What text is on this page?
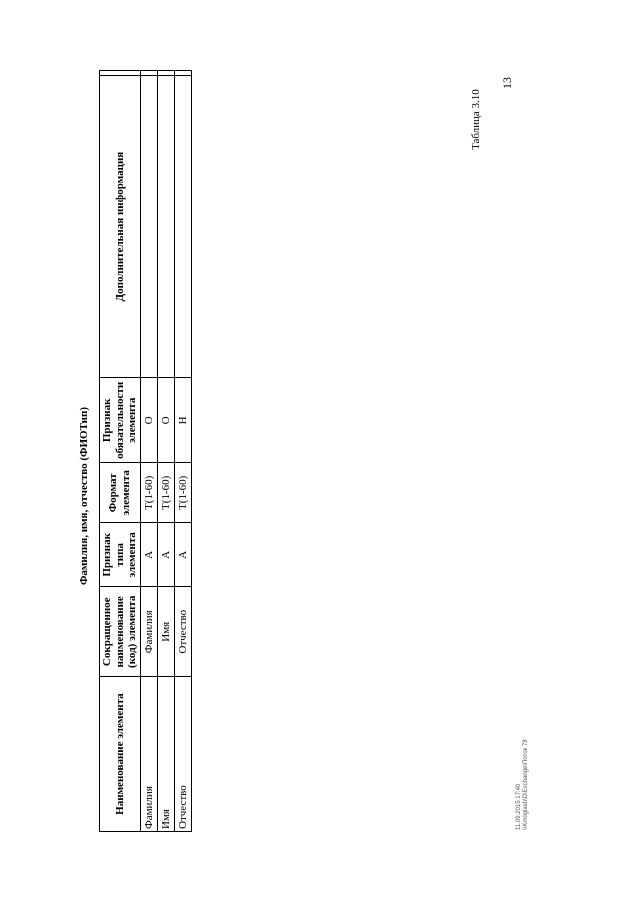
13
Таблица 3.10
Фамилия, имя, отчество (ФИОТип)
Наименование элемента	Сокращенное наименование (код) элемента	Признак типа элемента	Формат элемента	Признак обязательности элемента	Дополнительная информация	
Фамилия	Фамилия	A	T(1-60)	O		
Имя	Имя	A	T(1-60)	O		
Отчество	Отчество	A	T(1-60)	H		
11.09.2015 17:40 \\Kmoglash\D\Exchange\Поток 78
